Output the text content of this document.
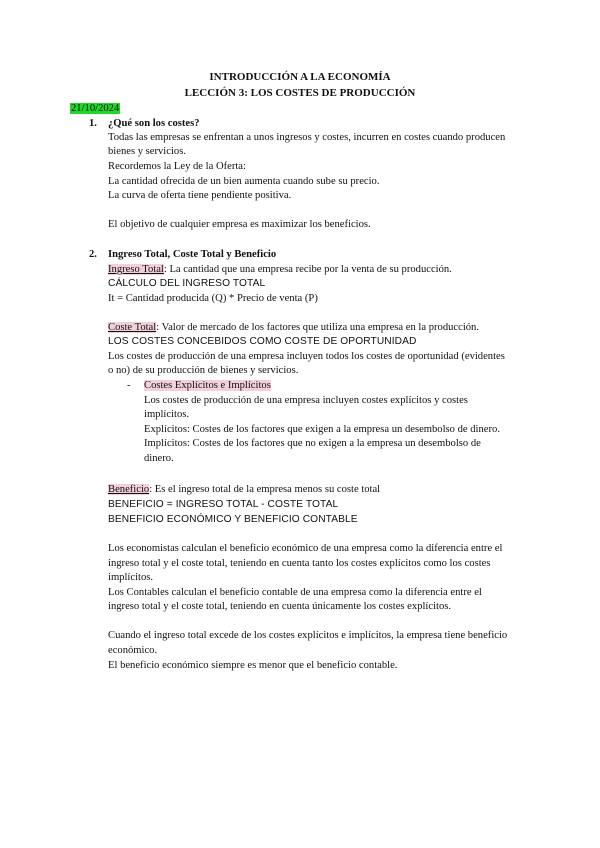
INTRODUCCIÓN A LA ECONOMÍA
LECCIÓN 3: LOS COSTES DE PRODUCCIÓN
21/10/2024
1. ¿Qué son los costes?
Todas las empresas se enfrentan a unos ingresos y costes, incurren en costes cuando producen
bienes y servicios.
Recordemos la Ley de la Oferta:
La cantidad ofrecida de un bien aumenta cuando sube su precio.
La curva de oferta tiene pendiente positiva.
El objetivo de cualquier empresa es maximizar los beneficios.
2. Ingreso Total, Coste Total y Beneficio
Ingreso Total: La cantidad que una empresa recibe por la venta de su producción.
CÁLCULO DEL INGRESO TOTAL
It = Cantidad producida (Q) * Precio de venta (P)
Coste Total: Valor de mercado de los factores que utiliza una empresa en la producción.
LOS COSTES CONCEBIDOS COMO COSTE DE OPORTUNIDAD
Los costes de producción de una empresa incluyen todos los costes de oportunidad (evidentes
o no) de su producción de bienes y servicios.
- Costes Explícitos e Implícitos
Los costes de producción de una empresa incluyen costes explícitos y costes
implícitos.
Explícitos: Costes de los factores que exigen a la empresa un desembolso de dinero.
Implícitos: Costes de los factores que no exigen a la empresa un desembolso de
dinero.
Beneficio: Es el ingreso total de la empresa menos su coste total
BENEFICIO = INGRESO TOTAL - COSTE TOTAL
BENEFICIO ECONÓMICO Y BENEFICIO CONTABLE
Los economistas calculan el beneficio económico de una empresa como la diferencia entre el
ingreso total y el coste total, teniendo en cuenta tanto los costes explícitos como los costes
implícitos.
Los Contables calculan el beneficio contable de una empresa como la diferencia entre el
ingreso total y el coste total, teniendo en cuenta únicamente los costes explícitos.
Cuando el ingreso total excede de los costes explícitos e implícitos, la empresa tiene beneficio
económico.
El beneficio económico siempre es menor que el beneficio contable.
